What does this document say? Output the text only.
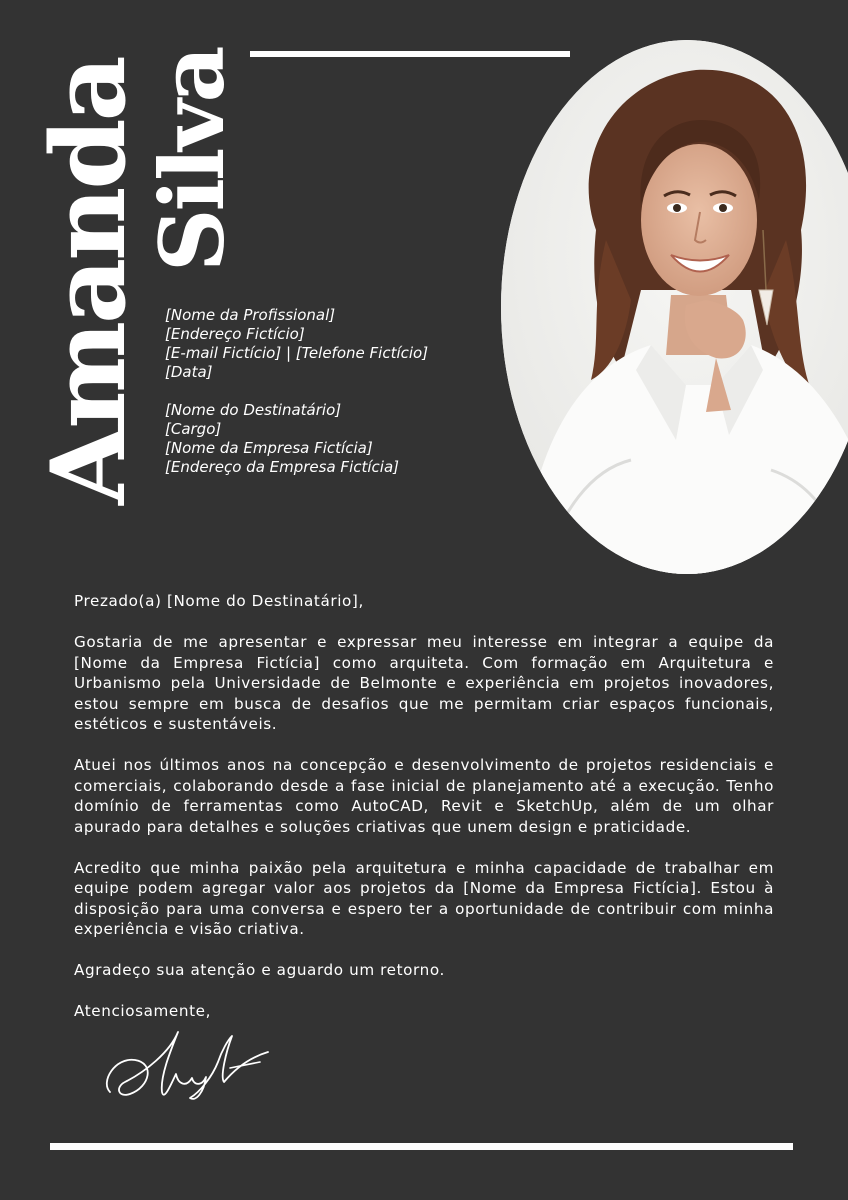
Amanda
Silva
[Nome da Profissional]
[Endereço Fictício]
[E-mail Fictício] | [Telefone Fictício]
[Data]
[Nome do Destinatário]
[Cargo]
[Nome da Empresa Fictícia]
[Endereço da Empresa Fictícia]

Prezado(a) [Nome do Destinatário],

Gostaria de me apresentar e expressar meu interesse em integrar a equipe da [Nome da Empresa Fictícia] como arquiteta. Com formação em Arquitetura e Urbanismo pela Universidade de Belmonte e experiência em projetos inovadores, estou sempre em busca de desafios que me permitam criar espaços funcionais, estéticos e sustentáveis.

Atuei nos últimos anos na concepção e desenvolvimento de projetos residenciais e comerciais, colaborando desde a fase inicial de planejamento até a execução. Tenho domínio de ferramentas como AutoCAD, Revit e SketchUp, além de um olhar apurado para detalhes e soluções criativas que unem design e praticidade.

Acredito que minha paixão pela arquitetura e minha capacidade de trabalhar em equipe podem agregar valor aos projetos da [Nome da Empresa Fictícia]. Estou à disposição para uma conversa e espero ter a oportunidade de contribuir com minha experiência e visão criativa.

Agradeço sua atenção e aguardo um retorno.

Atenciosamente,
